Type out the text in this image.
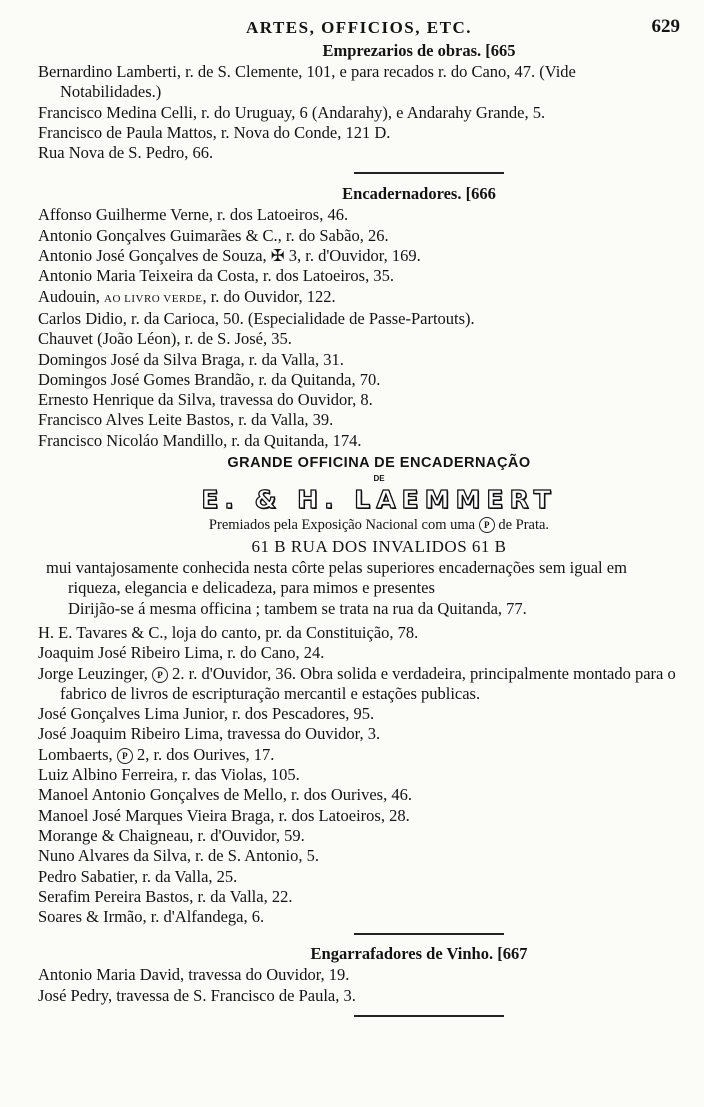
ARTES, OFFICIOS, ETC.	629
Emprezarios de obras. [665
Bernardino Lamberti, r. de S. Clemente, 101, e para recados r. do Cano, 47. (Vide Notabilidades.)
Francisco Medina Celli, r. do Uruguay, 6 (Andarahy), e Andarahy Grande, 5.
Francisco de Paula Mattos, r. Nova do Conde, 121 D.
Rua Nova de S. Pedro, 66.
Encadernadores. [666
Affonso Guilherme Verne, r. dos Latoeiros, 46.
Antonio Gonçalves Guimarães & C., r. do Sabão, 26.
Antonio José Gonçalves de Souza, ✠ 3, r. d'Ouvidor, 169.
Antonio Maria Teixeira da Costa, r. dos Latoeiros, 35.
Audouin, AO LIVRO VERDE, r. do Ouvidor, 122.
Carlos Didio, r. da Carioca, 50. (Especialidade de Passe-Partouts).
Chauvet (João Léon), r. de S. José, 35.
Domingos José da Silva Braga, r. da Valla, 31.
Domingos José Gomes Brandão, r. da Quitanda, 70.
Ernesto Henrique da Silva, travessa do Ouvidor, 8.
Francisco Alves Leite Bastos, r. da Valla, 39.
Francisco Nicoláo Mandillo, r. da Quitanda, 174.
GRANDE OFFICINA DE ENCADERNAÇÃO
DE
E. & H. LAEMMERT
Premiados pela Exposição Nacional com uma P de Prata.
61 B RUA DOS INVALIDOS 61 B
mui vantajosamente conhecida nesta côrte pelas superiores encadernações sem igual em riqueza, elegancia e delicadeza, para mimos e presentes
Dirijão-se á mesma officina ; tambem se trata na rua da Quitanda, 77.
H. E. Tavares & C., loja do canto, pr. da Constituição, 78.
Joaquim José Ribeiro Lima, r. do Cano, 24.
Jorge Leuzinger, P 2. r. d'Ouvidor, 36. Obra solida e verdadeira, principalmente montado para o fabrico de livros de escripturação mercantil e estações publicas.
José Gonçalves Lima Junior, r. dos Pescadores, 95.
José Joaquim Ribeiro Lima, travessa do Ouvidor, 3.
Lombaerts, P 2, r. dos Ourives, 17.
Luiz Albino Ferreira, r. das Violas, 105.
Manoel Antonio Gonçalves de Mello, r. dos Ourives, 46.
Manoel José Marques Vieira Braga, r. dos Latoeiros, 28.
Morange & Chaigneau, r. d'Ouvidor, 59.
Nuno Alvares da Silva, r. de S. Antonio, 5.
Pedro Sabatier, r. da Valla, 25.
Serafim Pereira Bastos, r. da Valla, 22.
Soares & Irmão, r. d'Alfandega, 6.
Engarrafadores de Vinho. [667
Antonio Maria David, travessa do Ouvidor, 19.
José Pedry, travessa de S. Francisco de Paula, 3.
